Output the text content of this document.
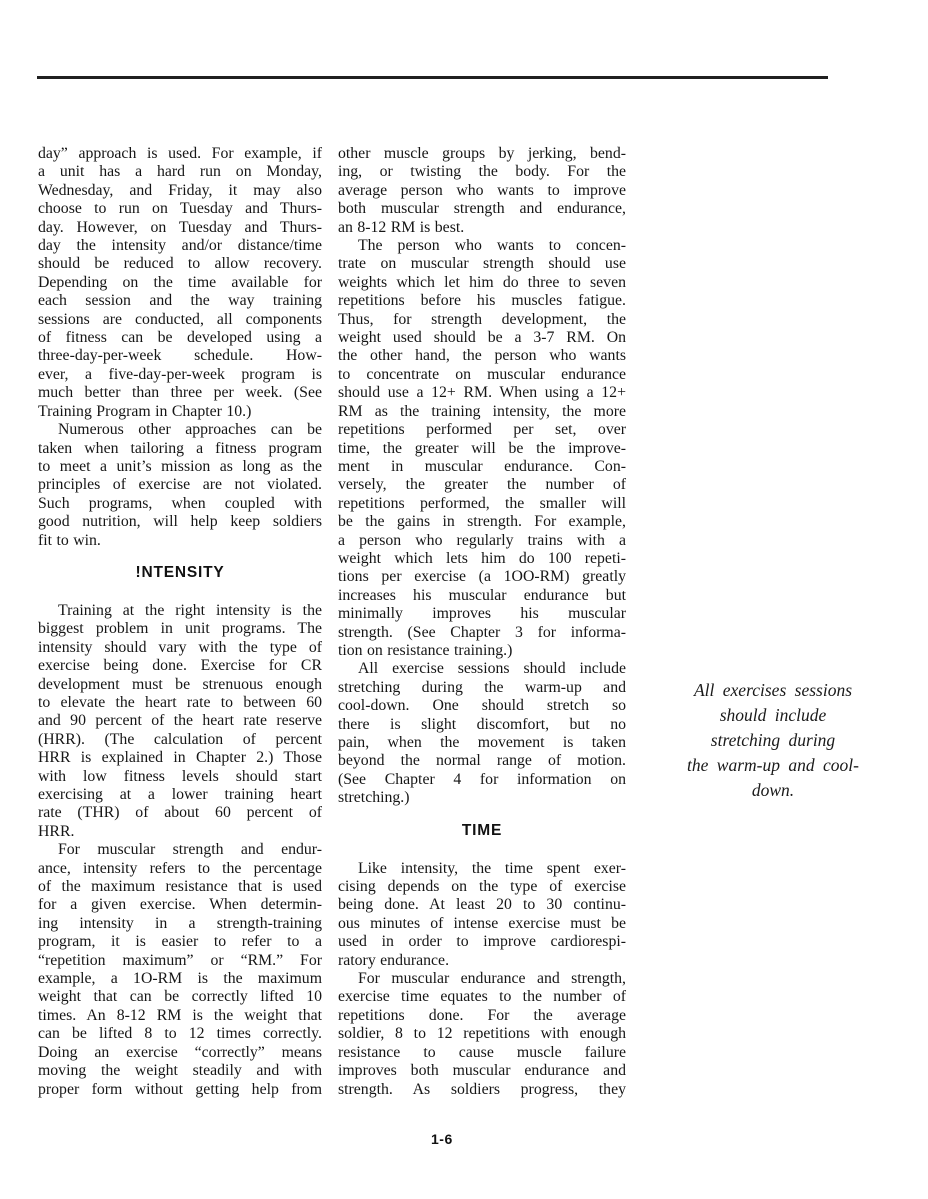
day” approach is used. For example, if
a unit has a hard run on Monday,
Wednesday, and Friday, it may also
choose to run on Tuesday and Thurs-
day. However, on Tuesday and Thurs-
day the intensity and/or distance/time
should be reduced to allow recovery.
Depending on the time available for
each session and the way training
sessions are conducted, all components
of fitness can be developed using a
three-day-per-week schedule. How-
ever, a five-day-per-week program is
much better than three per week. (See
Training Program in Chapter 10.)
Numerous other approaches can be
taken when tailoring a fitness program
to meet a unit’s mission as long as the
principles of exercise are not violated.
Such programs, when coupled with
good nutrition, will help keep soldiers
fit to win.
!NTENSITY
Training at the right intensity is the
biggest problem in unit programs. The
intensity should vary with the type of
exercise being done. Exercise for CR
development must be strenuous enough
to elevate the heart rate to between 60
and 90 percent of the heart rate reserve
(HRR). (The calculation of percent
HRR is explained in Chapter 2.) Those
with low fitness levels should start
exercising at a lower training heart
rate (THR) of about 60 percent of
HRR.
For muscular strength and endur-
ance, intensity refers to the percentage
of the maximum resistance that is used
for a given exercise. When determin-
ing intensity in a strength-training
program, it is easier to refer to a
“repetition maximum” or “RM.” For
example, a 1O-RM is the maximum
weight that can be correctly lifted 10
times. An 8-12 RM is the weight that
can be lifted 8 to 12 times correctly.
Doing an exercise “correctly” means
moving the weight steadily and with
proper form without getting help from
other muscle groups by jerking, bend-
ing, or twisting the body. For the
average person who wants to improve
both muscular strength and endurance,
an 8-12 RM is best.
The person who wants to concen-
trate on muscular strength should use
weights which let him do three to seven
repetitions before his muscles fatigue.
Thus, for strength development, the
weight used should be a 3-7 RM. On
the other hand, the person who wants
to concentrate on muscular endurance
should use a 12+ RM. When using a 12+
RM as the training intensity, the more
repetitions performed per set, over
time, the greater will be the improve-
ment in muscular endurance. Con-
versely, the greater the number of
repetitions performed, the smaller will
be the gains in strength. For example,
a person who regularly trains with a
weight which lets him do 100 repeti-
tions per exercise (a 1OO-RM) greatly
increases his muscular endurance but
minimally improves his muscular
strength. (See Chapter 3 for informa-
tion on resistance training.)
All exercise sessions should include
stretching during the warm-up and
cool-down. One should stretch so
there is slight discomfort, but no
pain, when the movement is taken
beyond the normal range of motion.
(See Chapter 4 for information on
stretching.)
TIME
Like intensity, the time spent exer-
cising depends on the type of exercise
being done. At least 20 to 30 continu-
ous minutes of intense exercise must be
used in order to improve cardiorespi-
ratory endurance.
For muscular endurance and strength,
exercise time equates to the number of
repetitions done. For the average
soldier, 8 to 12 repetitions with enough
resistance to cause muscle failure
improves both muscular endurance and
strength. As soldiers progress, they
All exercises sessions
should include
stretching during
the warm-up and cool-
down.
1-6
